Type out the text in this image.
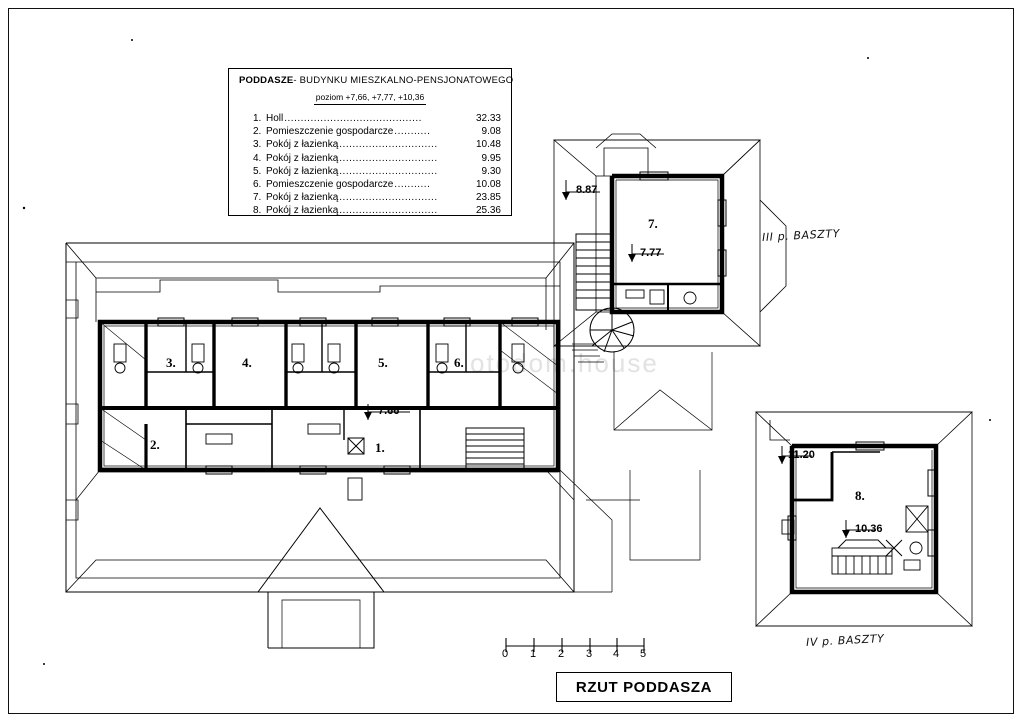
otodom.house
PODDASZE- BUDYNKU MIESZKALNO-PENSJONATOWEGO
poziom +7,66, +7,77, +10,36
1. Holl ..........................................	32.33
2. Pomieszczenie gospodarcze ...........	9.08
3. Pokój z łazienką ..............................	10.48
4. Pokój z łazienką ..............................	9.95
5. Pokój z łazienką ..............................	9.30
6. Pomieszczenie gospodarcze ...........	10.08
7. Pokój z łazienką ..............................	23.85
8. Pokój z łazienką ..............................	25.36
3.	4.	5.	6.
2.	1.
7.
8.
8.87
7.77
7.66
11.20
10.36
III p. BASZTY
IV p. BASZTY
0 1 2 3 4 5
RZUT PODDASZA
